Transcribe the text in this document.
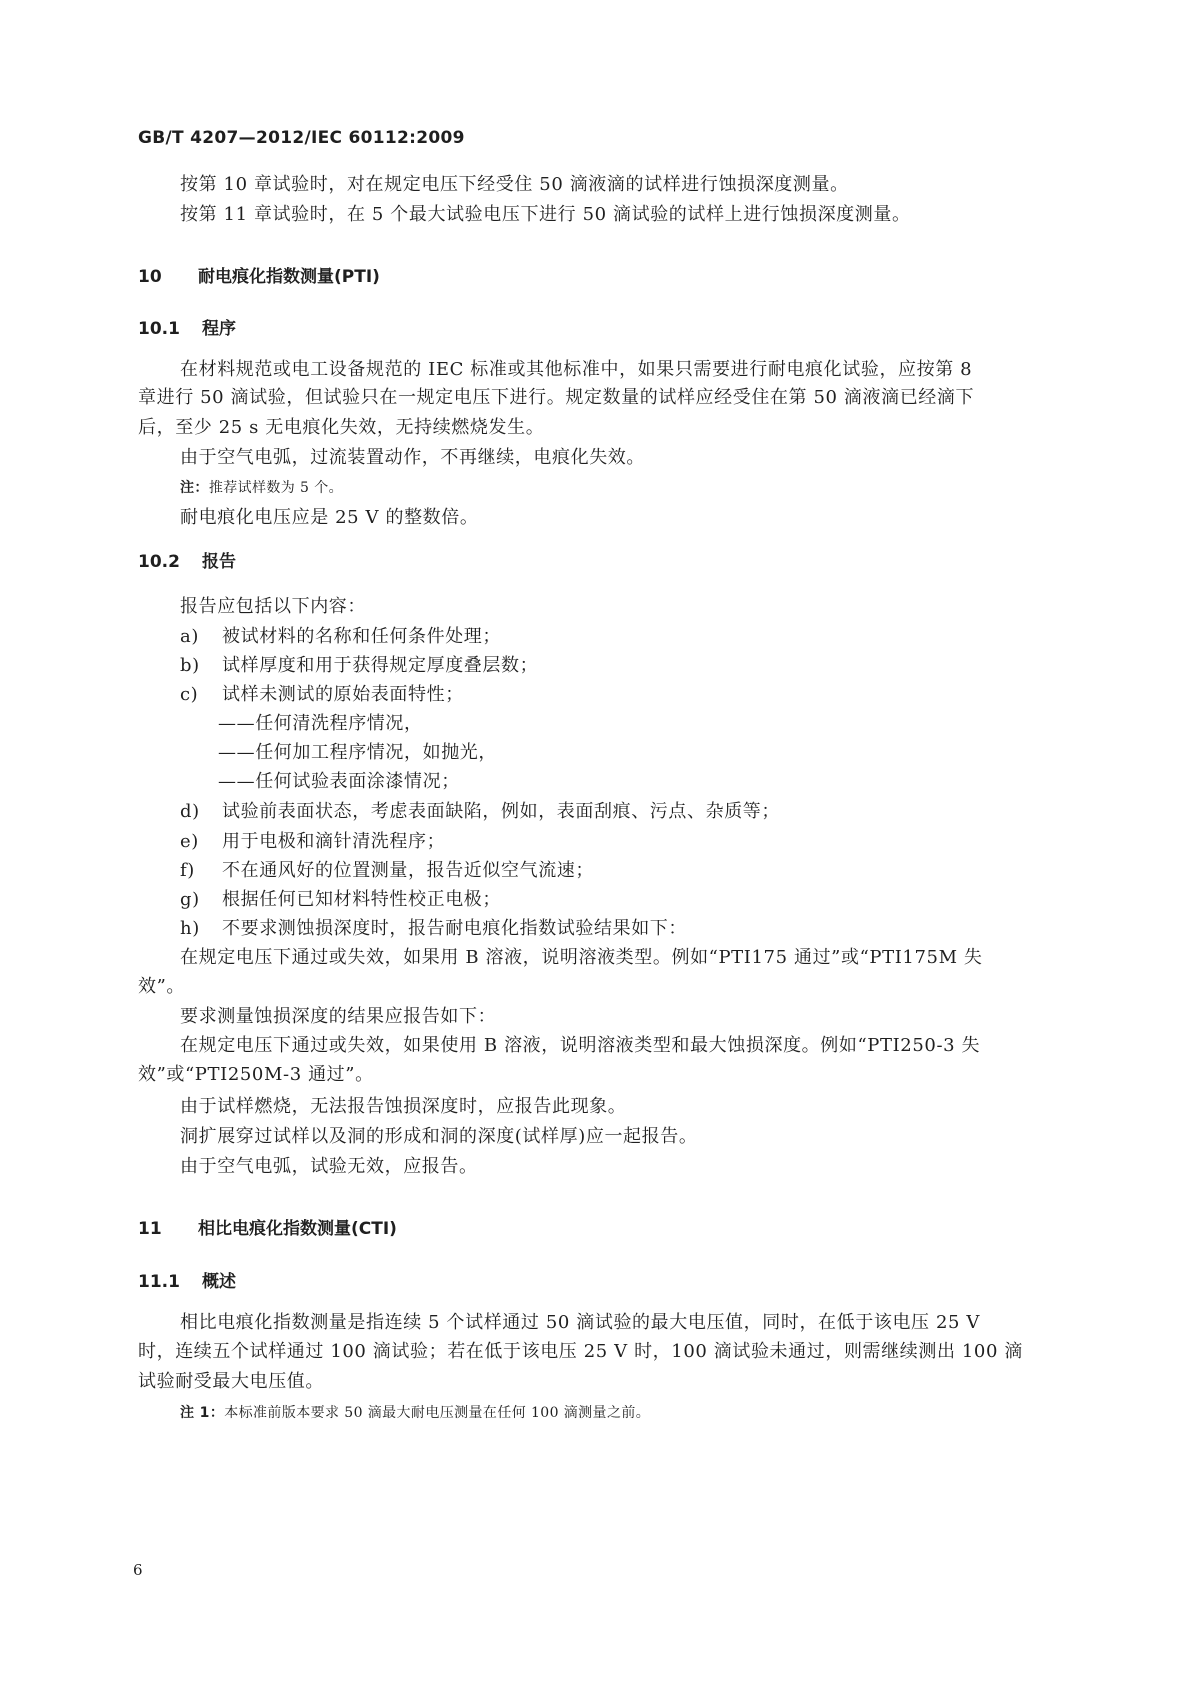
GB/T 4207—2012/IEC 60112:2009
按第 10 章试验时，对在规定电压下经受住 50 滴液滴的试样进行蚀损深度测量。
按第 11 章试验时，在 5 个最大试验电压下进行 50 滴试验的试样上进行蚀损深度测量。
10 耐电痕化指数测量(PTI)
10.1 程序
在材料规范或电工设备规范的 IEC 标准或其他标准中，如果只需要进行耐电痕化试验，应按第 8
章进行 50 滴试验，但试验只在一规定电压下进行。规定数量的试样应经受住在第 50 滴液滴已经滴下
后，至少 25 s 无电痕化失效，无持续燃烧发生。
由于空气电弧，过流装置动作，不再继续，电痕化失效。
注：推荐试样数为 5 个。
耐电痕化电压应是 25 V 的整数倍。
10.2 报告
报告应包括以下内容：
a) 被试材料的名称和任何条件处理；
b) 试样厚度和用于获得规定厚度叠层数；
c) 试样未测试的原始表面特性；
——任何清洗程序情况，
——任何加工程序情况，如抛光，
——任何试验表面涂漆情况；
d) 试验前表面状态，考虑表面缺陷，例如，表面刮痕、污点、杂质等；
e) 用于电极和滴针清洗程序；
f) 不在通风好的位置测量，报告近似空气流速；
g) 根据任何已知材料特性校正电极；
h) 不要求测蚀损深度时，报告耐电痕化指数试验结果如下：
在规定电压下通过或失效，如果用 B 溶液，说明溶液类型。例如“PTI175 通过”或“PTI175M 失
效”。
要求测量蚀损深度的结果应报告如下：
在规定电压下通过或失效，如果使用 B 溶液，说明溶液类型和最大蚀损深度。例如“PTI250-3 失
效”或“PTI250M-3 通过”。
由于试样燃烧，无法报告蚀损深度时，应报告此现象。
洞扩展穿过试样以及洞的形成和洞的深度(试样厚)应一起报告。
由于空气电弧，试验无效，应报告。
11 相比电痕化指数测量(CTI)
11.1 概述
相比电痕化指数测量是指连续 5 个试样通过 50 滴试验的最大电压值，同时，在低于该电压 25 V
时，连续五个试样通过 100 滴试验；若在低于该电压 25 V 时，100 滴试验未通过，则需继续测出 100 滴
试验耐受最大电压值。
注 1：本标准前版本要求 50 滴最大耐电压测量在任何 100 滴测量之前。
6
